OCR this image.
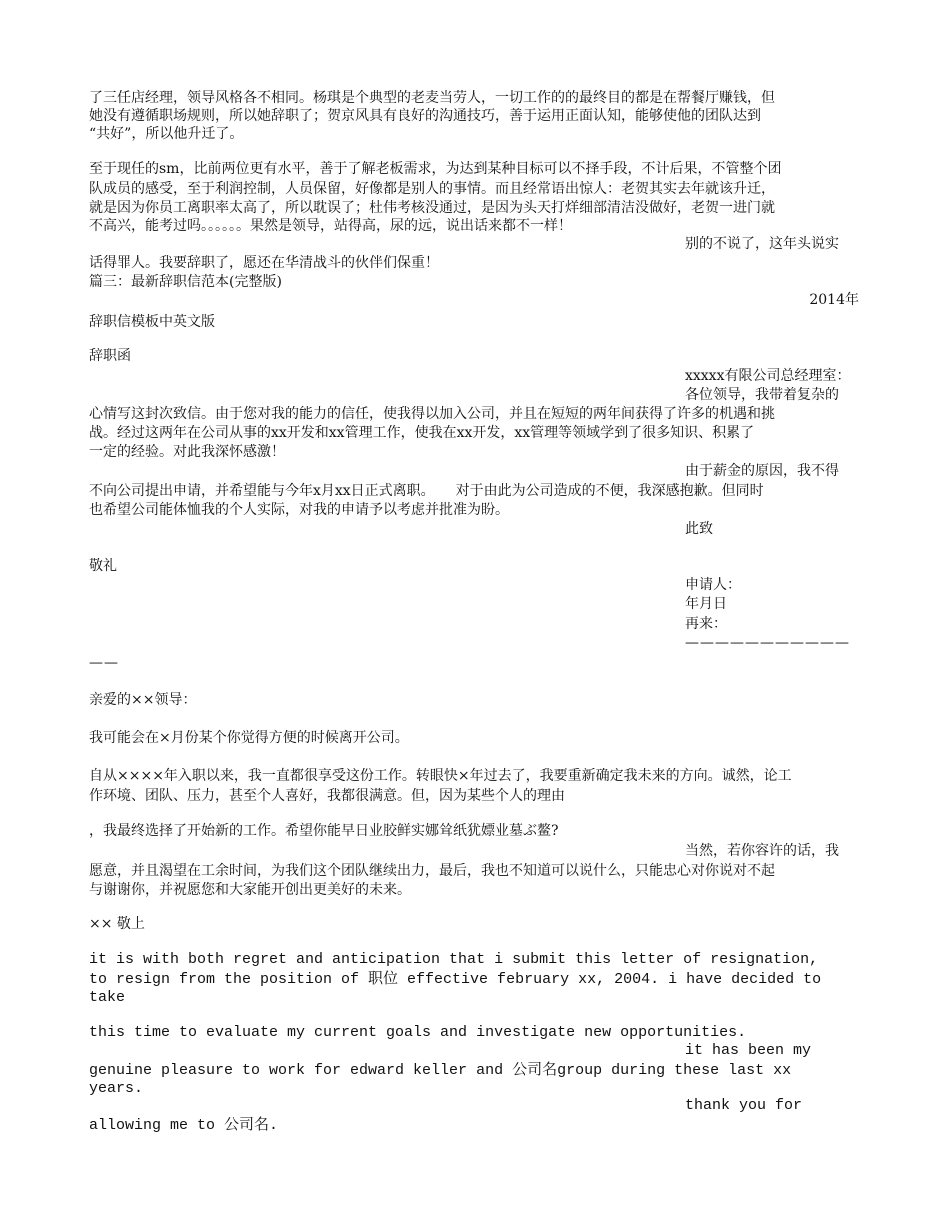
了三任店经理，领导风格各不相同。杨琪是个典型的老麦当劳人，一切工作的的最终目的都是在帮餐厅赚钱，但
她没有遵循职场规则，所以她辞职了；贺京风具有良好的沟通技巧，善于运用正面认知，能够使他的团队达到
“共好”，所以他升迁了。
至于现任的sm，比前两位更有水平，善于了解老板需求，为达到某种目标可以不择手段，不计后果，不管整个团
队成员的感受，至于利润控制，人员保留，好像都是别人的事情。而且经常语出惊人：老贺其实去年就该升迁，
就是因为你员工离职率太高了，所以耽误了；杜伟考核没通过，是因为头天打烊细部清洁没做好，老贺一进门就
不高兴，能考过吗。。。。。。果然是领导，站得高，尿的远，说出话来都不一样！
别的不说了，这年头说实
话得罪人。我要辞职了，愿还在华清战斗的伙伴们保重！
篇三：最新辞职信范本(完整版)
2014年
辞职信模板中英文版
辞职函
xxxxx有限公司总经理室：
各位领导，我带着复杂的
心情写这封次致信。由于您对我的能力的信任，使我得以加入公司，并且在短短的两年间获得了许多的机遇和挑
战。经过这两年在公司从事的xx开发和xx管理工作，使我在xx开发，xx管理等领域学到了很多知识、积累了
一定的经验。对此我深怀感激！
由于薪金的原因，我不得
不向公司提出申请，并希望能与今年x月xx日正式离职。　　对于由此为公司造成的不便，我深感抱歉。但同时
也希望公司能体恤我的个人实际，对我的申请予以考虑并批准为盼。
此致
敬礼
申请人：
年月日
再来：
———————————
——
亲爱的××领导：
我可能会在×月份某个你觉得方便的时候离开公司。
自从××××年入职以来，我一直都很享受这份工作。转眼快×年过去了，我要重新确定我未来的方向。诚然，论工
作环境、团队、压力，甚至个人喜好，我都很满意。但，因为某些个人的理由
，我最终选择了开始新的工作。希望你能早日业胶鲜实娜耸纸犹嫖业墓ぶ鳌?
当然，若你容许的话，我
愿意，并且渴望在工余时间，为我们这个团队继续出力，最后，我也不知道可以说什么，只能忠心对你说对不起
与谢谢你，并祝愿您和大家能开创出更美好的未来。
×× 敬上
it is with both regret and anticipation that i submit this letter of resignation,
to resign from the position of 职位 effective february xx, 2004. i have decided to
take
this time to evaluate my current goals and investigate new opportunities.
it has been my
genuine pleasure to work for edward keller and 公司名group during these last xx
years.
thank you for
allowing me to 公司名.
